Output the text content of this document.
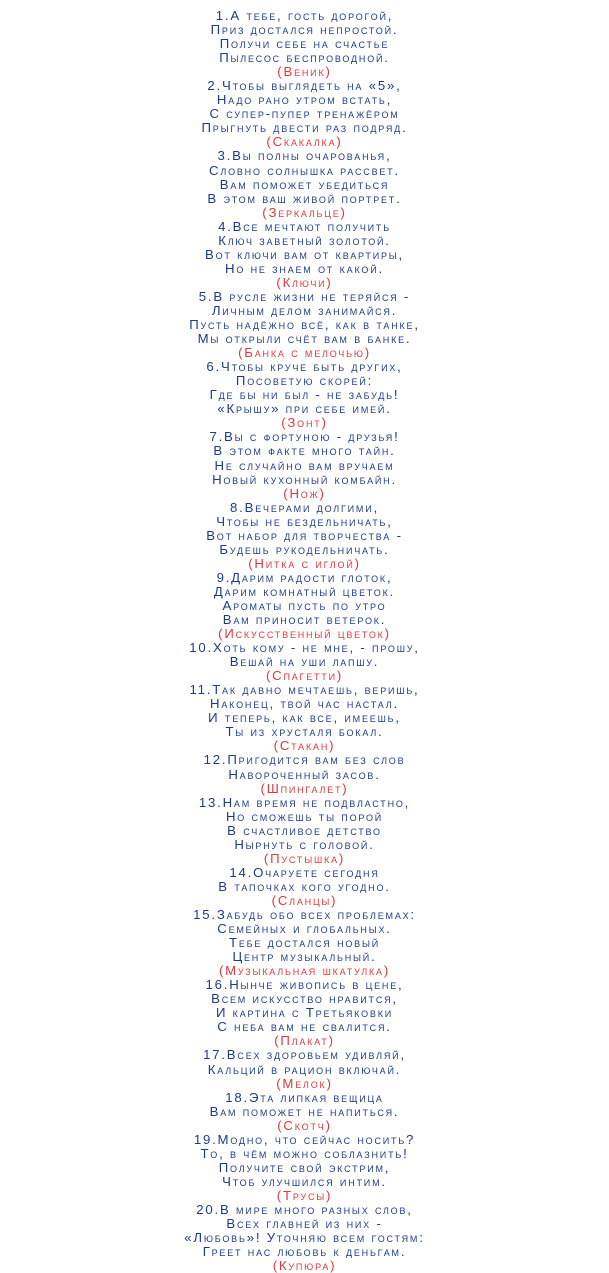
1.А тебе, гость дорогой,
Приз достался непростой.
Получи себе на счастье
Пылесос беспроводной.
(Веник)
2.Чтобы выглядеть на «5»,
Надо рано утром встать,
С супер-пупер тренажёром
Прыгнуть двести раз подряд.
(Скакалка)
3.Вы полны очарованья,
Словно солнышка рассвет.
Вам поможет убедиться
В этом ваш живой портрет.
(Зеркальце)
4.Все мечтают получить
Ключ заветный золотой.
Вот ключи вам от квартиры,
Но не знаем от какой.
(Ключи)
5.В русле жизни не теряйся -
Личным делом занимайся.
Пусть надёжно всё, как в танке,
Мы открыли счёт вам в банке.
(Банка с мелочью)
6.Чтобы круче быть других,
Посоветую скорей:
Где бы ни был - не забудь!
«Крышу» при себе имей.
(Зонт)
7.Вы с фортуною - друзья!
В этом факте много тайн.
Не случайно вам вручаем
Новый кухонный комбайн.
(Нож)
8.Вечерами долгими,
Чтобы не бездельничать,
Вот набор для творчества -
Будешь рукодельничать.
(Нитка с иглой)
9.Дарим радости глоток,
Дарим комнатный цветок.
Ароматы пусть по утро
Вам приносит ветерок.
(Искусственный цветок)
10.Хоть кому - не мне, - прошу,
Вешай на уши лапшу.
(Спагетти)
11.Так давно мечтаешь, веришь,
Наконец, твой час настал.
И теперь, как все, имеешь,
Ты из хрусталя бокал.
(Стакан)
12.Пригодится вам без слов
Навороченный засов.
(Шпингалет)
13.Нам время не подвластно,
Но сможешь ты порой
В счастливое детство
Нырнуть с головой.
(Пустышка)
14.Очаруете сегодня
В тапочках кого угодно.
(Сланцы)
15.Забудь обо всех проблемах:
Семейных и глобальных.
Тебе достался новый
Центр музыкальный.
(Музыкальная шкатулка)
16.Нынче живопись в цене,
Всем искусство нравится,
И картина с Третьяковки
С неба вам не свалится.
(Плакат)
17.Всех здоровьем удивляй,
Кальций в рацион включай.
(Мелок)
18.Эта липкая вещица
Вам поможет не напиться.
(Скотч)
19.Модно, что сейчас носить?
То, в чём можно соблазнить!
Получите свой экстрим,
Чтоб улучшился интим.
(Трусы)
20.В мире много разных слов,
Всех главней из них -
«Любовь»! Уточняю всем гостям:
Греет нас любовь к деньгам.
(Купюра)
